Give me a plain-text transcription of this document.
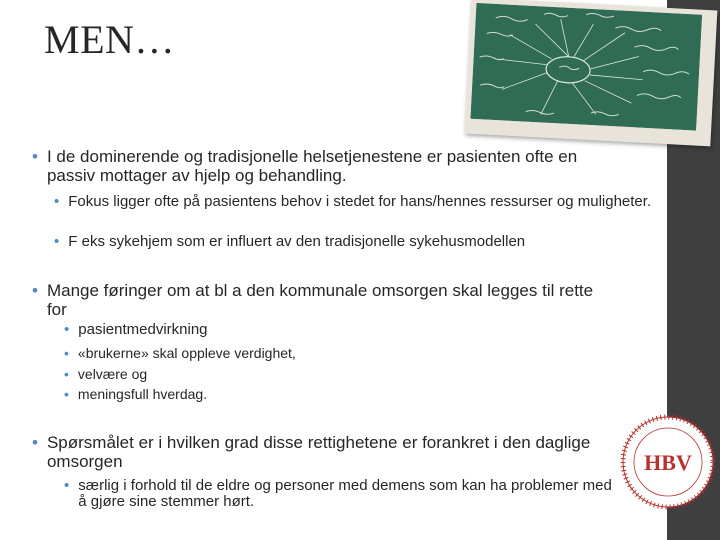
MEN…
• I de dominerende og tradisjonelle helsetjenestene er pasienten ofte en passiv mottager av hjelp og behandling.
• Fokus ligger ofte på pasientens behov i stedet for hans/hennes ressurser og muligheter.
• F eks sykehjem som er influert av den tradisjonelle sykehusmodellen
• Mange føringer om at bl a den kommunale omsorgen skal legges til rette for
• pasientmedvirkning
• «brukerne» skal oppleve verdighet,
• velvære og
• meningsfull hverdag.
• Spørsmålet er i hvilken grad disse rettighetene er forankret i den daglige omsorgen
• særlig i forhold til de eldre og personer med demens som kan ha problemer med å gjøre sine stemmer hørt.
HBV
